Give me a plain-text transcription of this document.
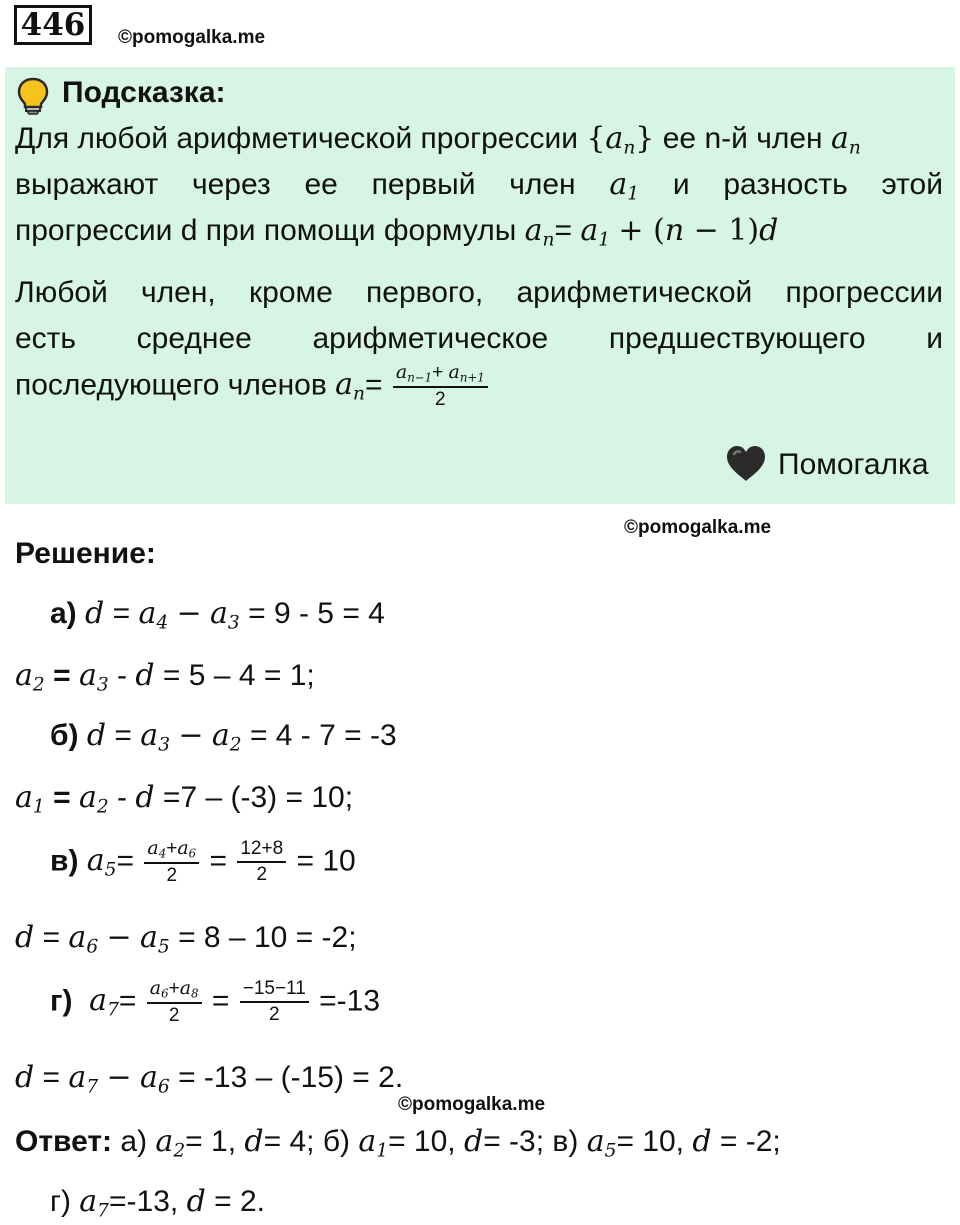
446	©pomogalka.me
Подсказка:
Для любой арифметической прогрессии $\{a_n\}$ ее n-й член $a_n$
выражают через ее первый член $a_1$ и разность этой
прогрессии d при помощи формулы $a_n= a_1 + (n - 1)d$
Любой член, кроме первого, арифметической прогрессии
есть среднее арифметическое предшествующего и
последующего членов $a_n= \frac{a_{n-1}+ a_{n+1}}{2}$
Помогалка
©pomogalka.me
Решение:
а) $d = a_4 - a_3 = 9 - 5 = 4$
$a_2 = a_3 - d = 5 - 4 = 1$;
б) $d = a_3 - a_2 = 4 - 7 = -3$
$a_1 = a_2 - d =7 - (-3) = 10$;
в) $a_5= \frac{a_4+a_6}{2} = \frac{12+8}{2} = 10$
$d = a_6 - a_5 = 8 - 10 = -2$;
г) $a_7= \frac{a_6+a_8}{2} = \frac{-15-11}{2} =-13$
$d = a_7 - a_6 = -13 - (-15) = 2$.
©pomogalka.me
Ответ: а) $a_2= 1$, d= 4; б) $a_1= 10$, d= -3; в) $a_5= 10$, d = -2;
г) $a_7=-13$, d = 2.
